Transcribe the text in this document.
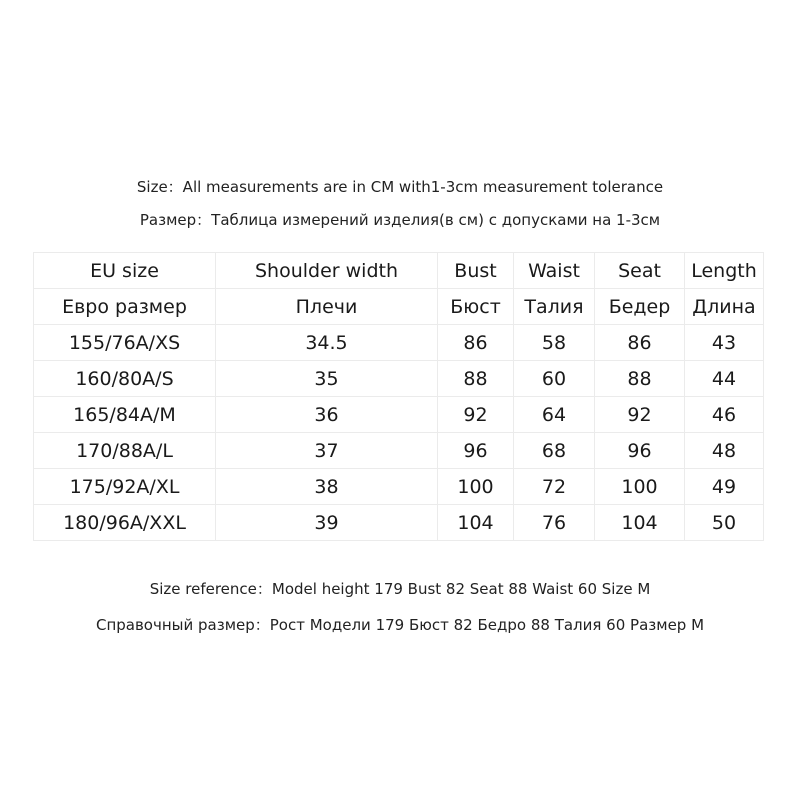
Size：All measurements are in CM with1-3cm measurement tolerance
Размер：Таблица измерений изделия(в см) с допусками на 1-3см
EU size	Shoulder width	Bust	Waist	Seat	Length
Евро размер	Плечи	Бюст	Талия	Бедер	Длина
155/76A/XS	34.5	86	58	86	43
160/80A/S	35	88	60	88	44
165/84A/M	36	92	64	92	46
170/88A/L	37	96	68	96	48
175/92A/XL	38	100	72	100	49
180/96A/XXL	39	104	76	104	50
Size reference：Model height 179 Bust 82 Seat 88 Waist 60 Size M
Справочный размер：Рост Модели 179 Бюст 82 Бедро 88 Талия 60 Размер M
